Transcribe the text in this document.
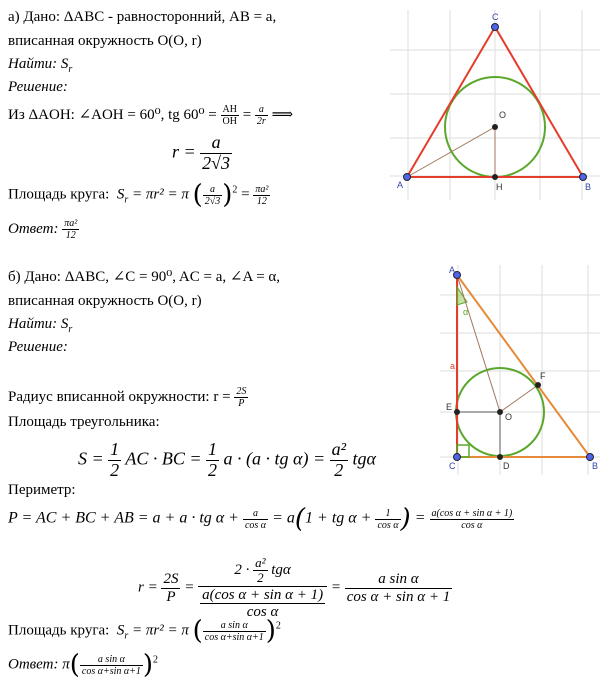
а) Дано: ΔABC - равносторонний, AB = a,
вписанная окружность O(O, r)
Найти: $S_r$
Решение:
Из ΔAOH: ∠AOH = 60⁰, tg $60^0 = \frac{AH}{OH} = \frac{a}{2r}$ ⟹
$r = \frac{a}{2√3}$
Площадь круга: $S_r = \pi r^2 = \pi$ ( $\frac{a}{2√3} )^2 = \frac{\text{πa²}}{12}$
Ответ: $\frac{\text{πa²}}{12}$
C
O
A	H	B
б) Дано: ΔABC, ∠C = 90⁰, AC = a, ∠A = α,
вписанная окружность O(O, r)
Найти: $S_r$
Решение:
Радиус вписанной окружности: $r = \frac{2S}{P}$
Площадь треугольника:
$S = \frac{1}{2}$ AC · BC = $\frac{1}{2}$ a · (a · tg $\alpha) = \frac{\text{a²}}{2}$ tgα
Периметр:
P = AC + BC + AB = a + a · tg $\alpha + \frac{a}{\text{cos α}} = a(1$ + tg $\alpha + \frac{1}{\text{cos α}}$ ) = $\frac{\text{a(cos α + sin α + 1)}}{\text{cos α}}$
$r = \frac{2S}{P}$ =
$2 \cdot \frac{\text{a²}}{2}$ tgα
$\frac{\text{a(cos α + sin α + 1)}}{\text{cos α}} = \frac{\text{a sin α}}{\text{cos α + sin α + 1}}$
Площадь круга: $S_r = \pi r^2 = \pi$ ( $\frac{\text{a sin α}}{\text{cos α+sin α+1}} )^2$
Ответ: $\pi( \frac{\text{a sin α}}{\text{cos α+sin α+1}} )^2$
A
α
a
F
E
O
C	D	B
